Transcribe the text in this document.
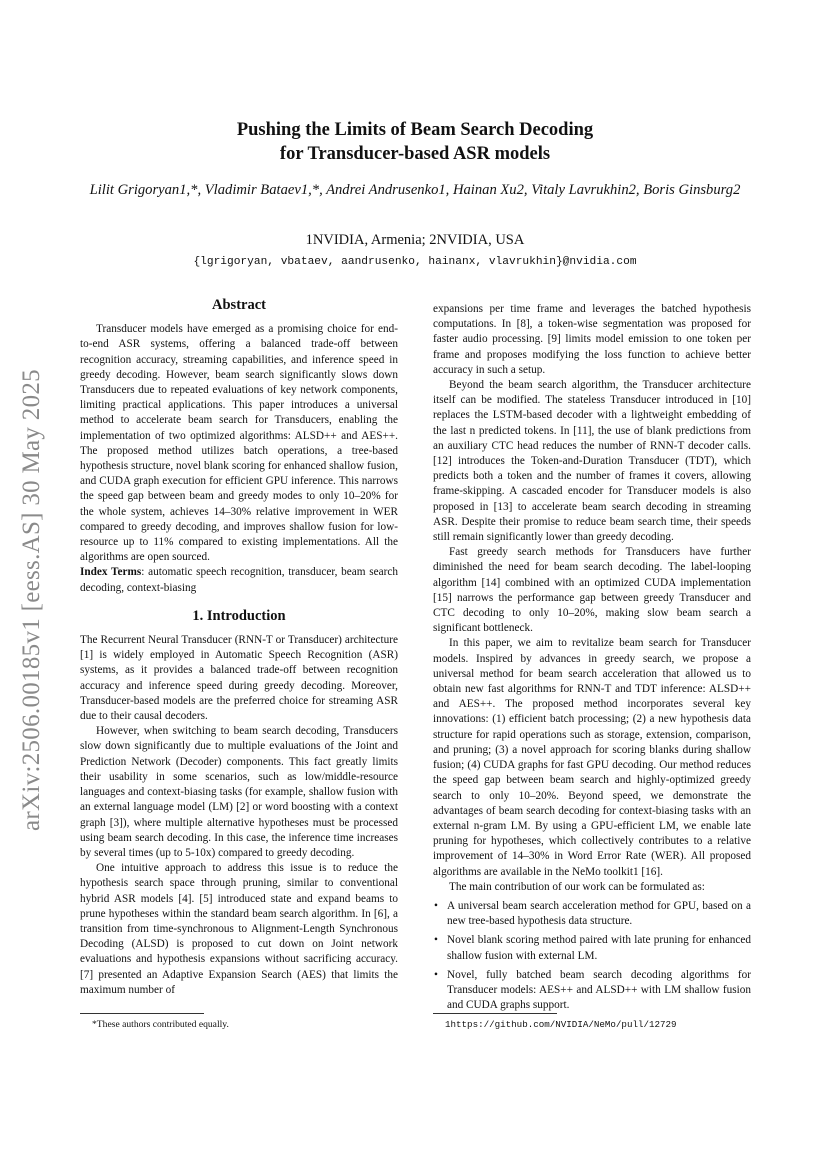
arXiv:2506.00185v1 [eess.AS] 30 May 2025
Pushing the Limits of Beam Search Decoding
for Transducer-based ASR models
Lilit Grigoryan1,*, Vladimir Bataev1,*, Andrei Andrusenko1, Hainan Xu2, Vitaly Lavrukhin2, Boris Ginsburg2
1NVIDIA, Armenia; 2NVIDIA, USA
{lgrigoryan, vbataev, aandrusenko, hainanx, vlavrukhin}@nvidia.com
Abstract

Transducer models have emerged as a promising choice for end-to-end ASR systems, offering a balanced trade-off between recognition accuracy, streaming capabilities, and inference speed in greedy decoding. However, beam search significantly slows down Transducers due to repeated evaluations of key network components, limiting practical applications. This paper introduces a universal method to accelerate beam search for Transducers, enabling the implementation of two optimized algorithms: ALSD++ and AES++. The proposed method utilizes batch operations, a tree-based hypothesis structure, novel blank scoring for enhanced shallow fusion, and CUDA graph execution for efficient GPU inference. This narrows the speed gap between beam and greedy modes to only 10–20% for the whole system, achieves 14–30% relative improvement in WER compared to greedy decoding, and improves shallow fusion for low-resource up to 11% compared to existing implementations. All the algorithms are open sourced.

Index Terms: automatic speech recognition, transducer, beam search decoding, context-biasing

1. Introduction

The Recurrent Neural Transducer (RNN-T or Transducer) architecture [1] is widely employed in Automatic Speech Recognition (ASR) systems, as it provides a balanced trade-off between recognition accuracy and inference speed during greedy decoding. Moreover, Transducer-based models are the preferred choice for streaming ASR due to their causal decoders.

However, when switching to beam search decoding, Transducers slow down significantly due to multiple evaluations of the Joint and Prediction Network (Decoder) components. This fact greatly limits their usability in some scenarios, such as low/middle-resource languages and context-biasing tasks (for example, shallow fusion with an external language model (LM) [2] or word boosting with a context graph [3]), where multiple alternative hypotheses must be processed using beam search decoding. In this case, the inference time increases by several times (up to 5-10x) compared to greedy decoding.

One intuitive approach to address this issue is to reduce the hypothesis search space through pruning, similar to conventional hybrid ASR models [4]. [5] introduced state and expand beams to prune hypotheses within the standard beam search algorithm. In [6], a transition from time-synchronous to Alignment-Length Synchronous Decoding (ALSD) is proposed to cut down on Joint network evaluations and hypothesis expansions without sacrificing accuracy. [7] presented an Adaptive Expansion Search (AES) that limits the maximum number of

expansions per time frame and leverages the batched hypothesis computations. In [8], a token-wise segmentation was proposed for faster audio processing. [9] limits model emission to one token per frame and proposes modifying the loss function to achieve better accuracy in such a setup.

Beyond the beam search algorithm, the Transducer architecture itself can be modified. The stateless Transducer introduced in [10] replaces the LSTM-based decoder with a lightweight embedding of the last n predicted tokens. In [11], the use of blank predictions from an auxiliary CTC head reduces the number of RNN-T decoder calls. [12] introduces the Token-and-Duration Transducer (TDT), which predicts both a token and the number of frames it covers, allowing frame-skipping. A cascaded encoder for Transducer models is also proposed in [13] to accelerate beam search decoding in streaming ASR. Despite their promise to reduce beam search time, their speeds still remain significantly lower than greedy decoding.

Fast greedy search methods for Transducers have further diminished the need for beam search decoding. The label-looping algorithm [14] combined with an optimized CUDA implementation [15] narrows the performance gap between greedy Transducer and CTC decoding to only 10–20%, making slow beam search a significant bottleneck.

In this paper, we aim to revitalize beam search for Transducer models. Inspired by advances in greedy search, we propose a universal method for beam search acceleration that allowed us to obtain new fast algorithms for RNN-T and TDT inference: ALSD++ and AES++. The proposed method incorporates several key innovations: (1) efficient batch processing; (2) a new hypothesis data structure for rapid operations such as storage, extension, comparison, and pruning; (3) a novel approach for scoring blanks during shallow fusion; (4) CUDA graphs for fast GPU decoding. Our method reduces the speed gap between beam search and highly-optimized greedy search to only 10–20%. Beyond speed, we demonstrate the advantages of beam search decoding for context-biasing tasks with an external n-gram LM. By using a GPU-efficient LM, we enable late pruning for hypotheses, which collectively contributes to a relative improvement of 14–30% in Word Error Rate (WER). All proposed algorithms are available in the NeMo toolkit1 [16].

The main contribution of our work can be formulated as:

• A universal beam search acceleration method for GPU, based on a new tree-based hypothesis data structure.
• Novel blank scoring method paired with late pruning for enhanced shallow fusion with external LM.
• Novel, fully batched beam search decoding algorithms for Transducer models: AES++ and ALSD++ with LM shallow fusion and CUDA graphs support.
*These authors contributed equally.	1https://github.com/NVIDIA/NeMo/pull/12729
